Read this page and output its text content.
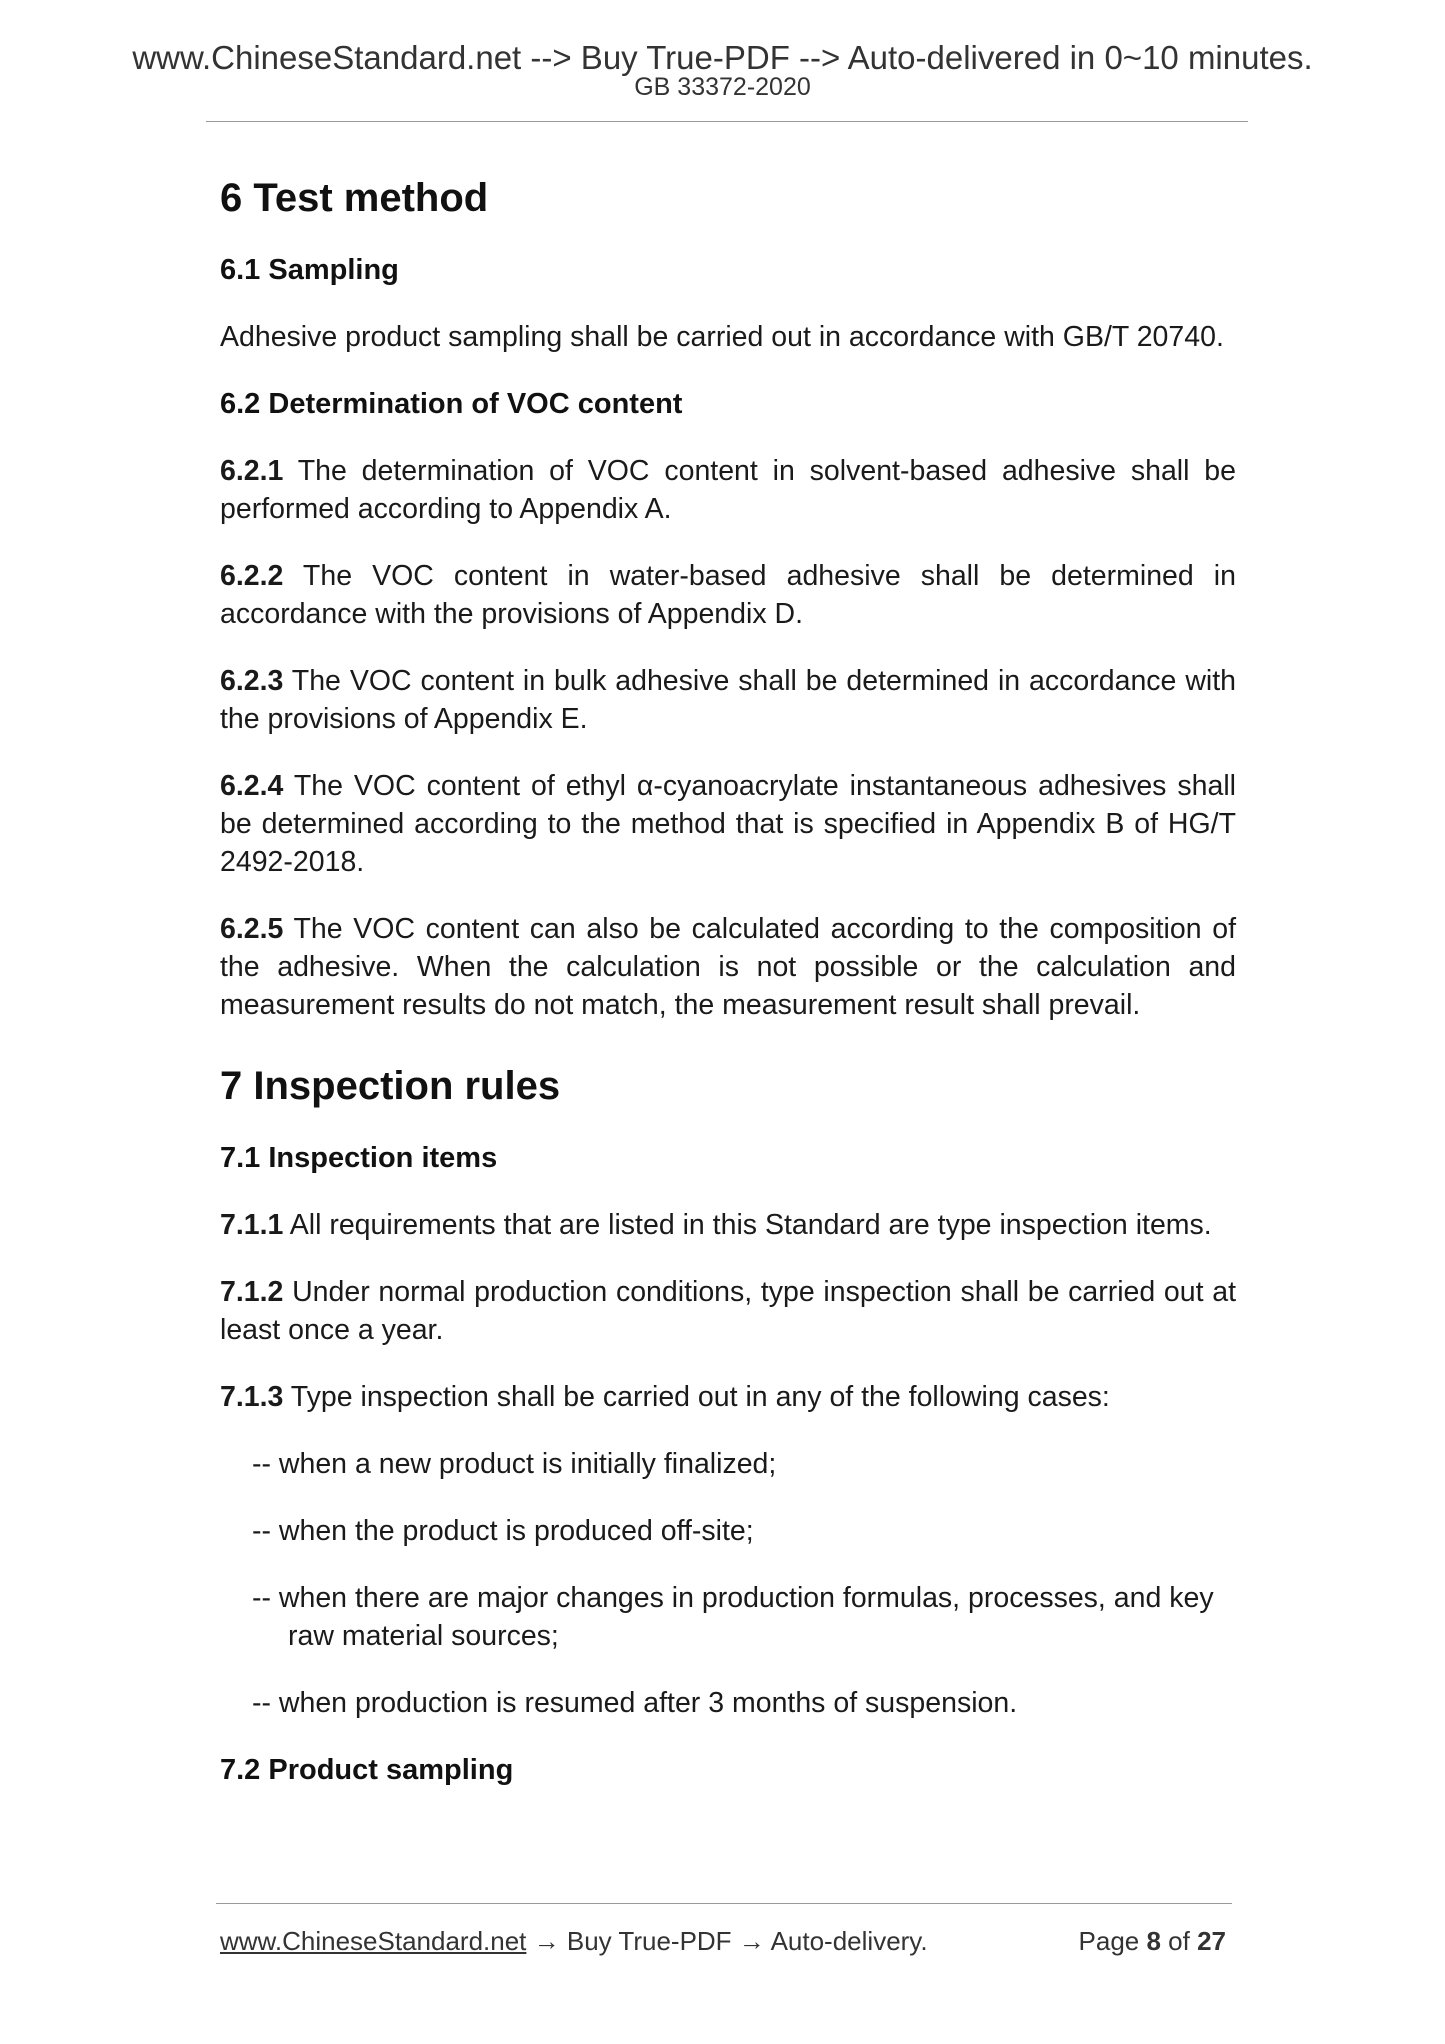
www.ChineseStandard.net --> Buy True-PDF --> Auto-delivered in 0~10 minutes.
GB 33372-2020
6 Test method
6.1 Sampling

Adhesive product sampling shall be carried out in accordance with GB/T 20740.

6.2 Determination of VOC content

6.2.1 The determination of VOC content in solvent-based adhesive shall be performed according to Appendix A.

6.2.2 The VOC content in water-based adhesive shall be determined in accordance with the provisions of Appendix D.

6.2.3 The VOC content in bulk adhesive shall be determined in accordance with the provisions of Appendix E.

6.2.4 The VOC content of ethyl α-cyanoacrylate instantaneous adhesives shall be determined according to the method that is specified in Appendix B of HG/T 2492-2018.

6.2.5 The VOC content can also be calculated according to the composition of the adhesive. When the calculation is not possible or the calculation and measurement results do not match, the measurement result shall prevail.

7 Inspection rules
7.1 Inspection items

7.1.1 All requirements that are listed in this Standard are type inspection items.

7.1.2 Under normal production conditions, type inspection shall be carried out at least once a year.

7.1.3 Type inspection shall be carried out in any of the following cases:

-- when a new product is initially finalized;
-- when the product is produced off-site;
-- when there are major changes in production formulas, processes, and key raw material sources;
-- when production is resumed after 3 months of suspension.
7.2 Product sampling
www.ChineseStandard.net → Buy True-PDF → Auto-delivery.	Page 8 of 27
